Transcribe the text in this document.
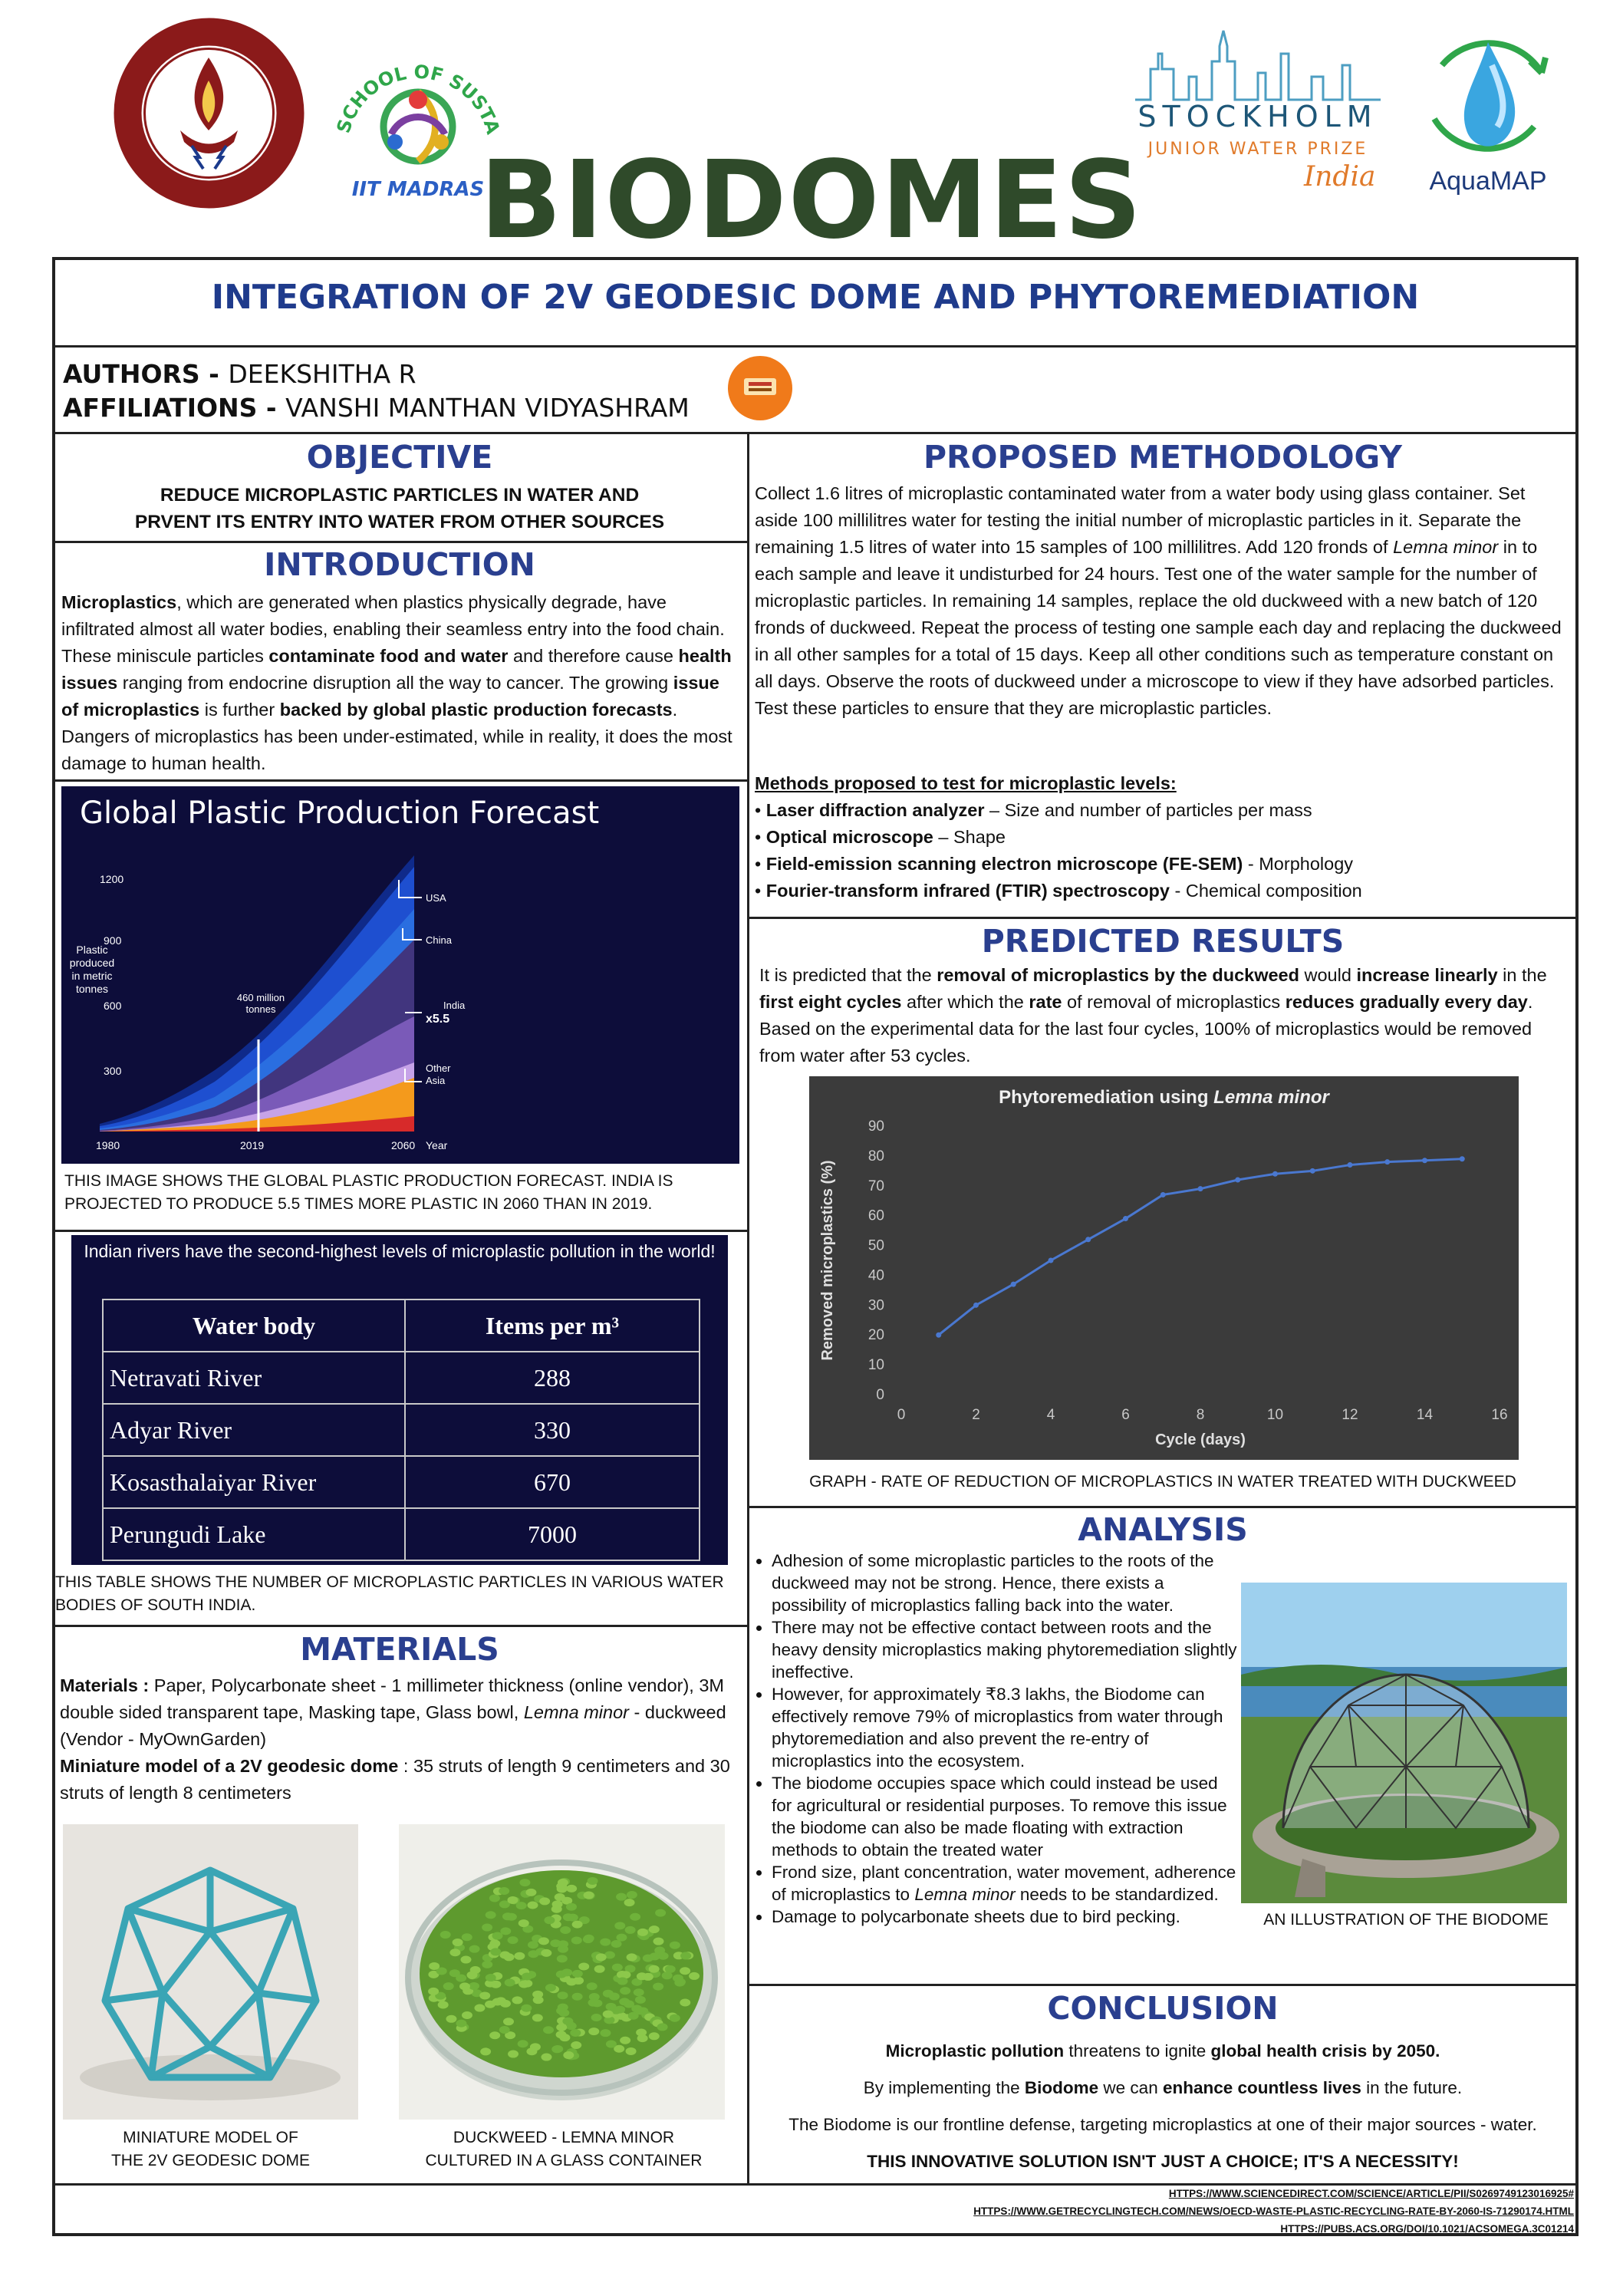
SCHOOL OF SUSTA
IIT MADRAS
BIODOMES
STOCKHOLM
JUNIOR WATER PRIZE
India	AquaMAP
INTEGRATION OF 2V GEODESIC DOME AND PHYTOREMEDIATION
AUTHORS - DEEKSHITHA R
AFFILIATIONS - VANSHI MANTHAN VIDYASHRAM
OBJECTIVE
REDUCE MICROPLASTIC PARTICLES IN WATER AND
PRVENT ITS ENTRY INTO WATER FROM OTHER SOURCES
INTRODUCTION
Microplastics, which are generated when plastics physically degrade, have infiltrated almost all water bodies, enabling their seamless entry into the food chain. These miniscule particles contaminate food and water and therefore cause health issues ranging from endocrine disruption all the way to cancer. The growing issue of microplastics is further backed by global plastic production forecasts. Dangers of microplastics has been under-estimated, while in reality, it does the most damage to human health.
Global Plastic Production Forecast
1200
900
600
300
1980	2019	2060 Year
Plastic produced in metric tonnes
460 million tonnes
USA
China
India
Other
Asia
x5.5
THIS IMAGE SHOWS THE GLOBAL PLASTIC PRODUCTION FORECAST. INDIA IS PROJECTED TO PRODUCE 5.5 TIMES MORE PLASTIC IN 2060 THAN IN 2019.
Indian rivers have the second-highest levels of microplastic pollution in the world!
Water body	Items per m³
Netravati River	288
Adyar River	330
Kosasthalaiyar River	670
Perungudi Lake	7000
THIS TABLE SHOWS THE NUMBER OF MICROPLASTIC PARTICLES IN VARIOUS WATER BODIES OF SOUTH INDIA.
MATERIALS
Materials : Paper, Polycarbonate sheet - 1 millimeter thickness (online vendor), 3M double sided transparent tape, Masking tape, Glass bowl, Lemna minor - duckweed (Vendor - MyOwnGarden)
Miniature model of a 2V geodesic dome : 35 struts of length 9 centimeters and 30 struts of length 8 centimeters
MINIATURE MODEL OF
THE 2V GEODESIC DOME
DUCKWEED - LEMNA MINOR
CULTURED IN A GLASS CONTAINER
PROPOSED METHODOLOGY
Collect 1.6 litres of microplastic contaminated water from a water body using glass container. Set aside 100 millilitres water for testing the initial number of microplastic particles in it. Separate the remaining 1.5 litres of water into 15 samples of 100 millilitres. Add 120 fronds of Lemna minor in to each sample and leave it undisturbed for 24 hours. Test one of the water sample for the number of microplastic particles. In remaining 14 samples, replace the old duckweed with a new batch of 120 fronds of duckweed. Repeat the process of testing one sample each day and replacing the duckweed in all other samples for a total of 15 days. Keep all other conditions such as temperature constant on all days. Observe the roots of duckweed under a microscope to view if they have adsorbed particles. Test these particles to ensure that they are microplastic particles.
Methods proposed to test for microplastic levels:
• Laser diffraction analyzer – Size and number of particles per mass
• Optical microscope – Shape
• Field-emission scanning electron microscope (FE-SEM) - Morphology
• Fourier-transform infrared (FTIR) spectroscopy - Chemical composition
PREDICTED RESULTS
It is predicted that the removal of microplastics by the duckweed would increase linearly in the first eight cycles after which the rate of removal of microplastics reduces gradually every day. Based on the experimental data for the last four cycles, 100% of microplastics would be removed from water after 53 cycles.
Phytoremediation using Lemna minor
0
10
20
30
40
50
60
70
80
90
0	2	4	6	8	10	12	14	16
Cycle (days)
Removed microplastics (%)
GRAPH - RATE OF REDUCTION OF MICROPLASTICS IN WATER TREATED WITH DUCKWEED
ANALYSIS
• Adhesion of some microplastic particles to the roots of the duckweed may not be strong. Hence, there exists a possibility of microplastics falling back into the water.
• There may not be effective contact between roots and the heavy density microplastics making phytoremediation slightly ineffective.
• However, for approximately ₹8.3 lakhs, the Biodome can effectively remove 79% of microplastics from water through phytoremediation and also prevent the re-entry of microplastics into the ecosystem.
• The biodome occupies space which could instead be used for agricultural or residential purposes. To remove this issue the biodome can also be made floating with extraction methods to obtain the treated water
• Frond size, plant concentration, water movement, adherence of microplastics to Lemna minor needs to be standardized.
• Damage to polycarbonate sheets due to bird pecking.	AN ILLUSTRATION OF THE BIODOME
CONCLUSION
Microplastic pollution threatens to ignite global health crisis by 2050.
By implementing the Biodome we can enhance countless lives in the future.
The Biodome is our frontline defense, targeting microplastics at one of their major sources - water.
THIS INNOVATIVE SOLUTION ISN'T JUST A CHOICE; IT'S A NECESSITY!
HTTPS://WWW.SCIENCEDIRECT.COM/SCIENCE/ARTICLE/PII/S0269749123016925#
HTTPS://WWW.GETRECYCLINGTECH.COM/NEWS/OECD-WASTE-PLASTIC-RECYCLING-RATE-BY-2060-IS-71290174.HTML
HTTPS://PUBS.ACS.ORG/DOI/10.1021/ACSOMEGA.3C01214
